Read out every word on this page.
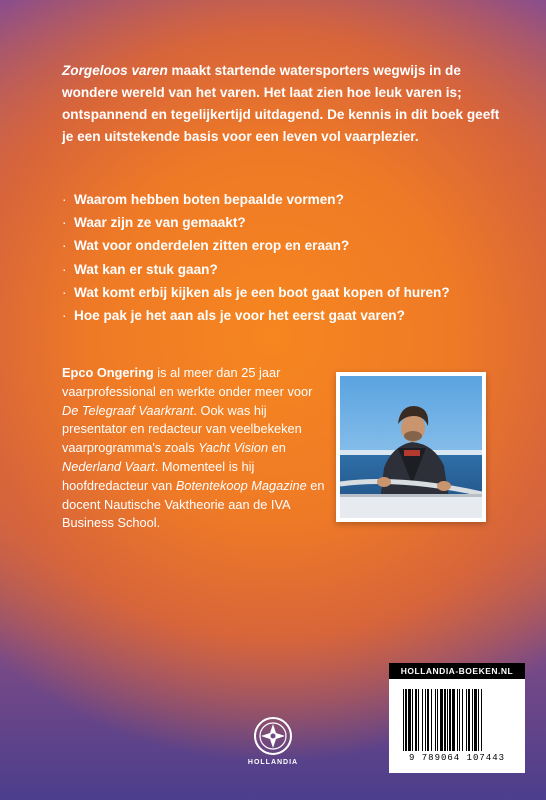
Zorgeloos varen maakt startende watersporters wegwijs in de wondere wereld van het varen. Het laat zien hoe leuk varen is; ontspannend en tegelijkertijd uitdagend. De kennis in dit boek geeft je een uitstekende basis voor een leven vol vaarplezier.

· Waarom hebben boten bepaalde vormen?
· Waar zijn ze van gemaakt?
· Wat voor onderdelen zitten erop en eraan?
· Wat kan er stuk gaan?
· Wat komt erbij kijken als je een boot gaat kopen of huren?
· Hoe pak je het aan als je voor het eerst gaat varen?

Epco Ongering is al meer dan 25 jaar vaarprofessional en werkte onder meer voor De Telegraaf Vaarkrant. Ook was hij presentator en redacteur van veelbekeken vaarprogramma's zoals Yacht Vision en Nederland Vaart. Momenteel is hij hoofdredacteur van Botentekoop Magazine en docent Nautische Vaktheorie aan de IVA Business School.

HOLLANDIA-BOEKEN.NL
9 789064 107443
HOLLANDIA
